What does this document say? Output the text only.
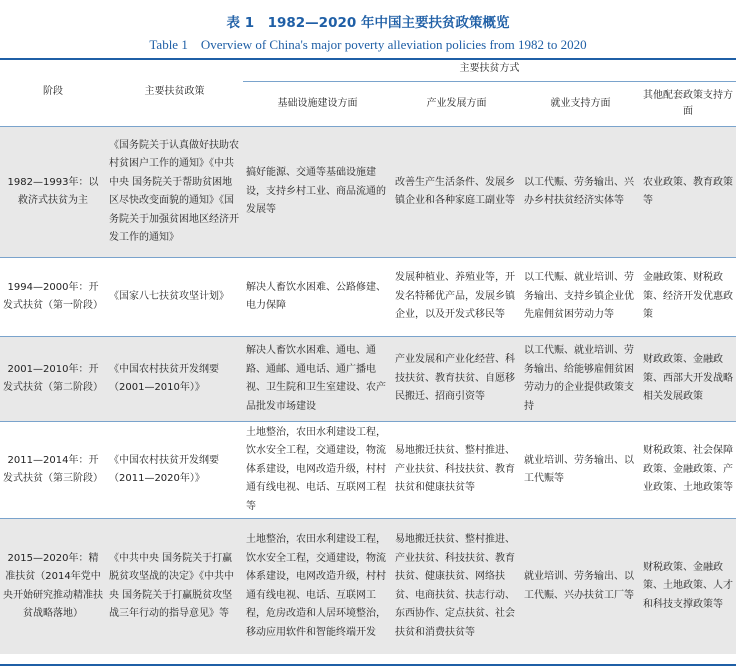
表 1　1982—2020 年中国主要扶贫政策概览
Table 1　Overview of China's major poverty alleviation policies from 1982 to 2020
阶段	主要扶贫政策	主要扶贫方式			
		基础设施建设方面	产业发展方面	就业支持方面	其他配套政策支持方面
1982—1993年：以救济式扶贫为主	《国务院关于认真做好扶助农村贫困户工作的通知》《中共中央 国务院关于帮助贫困地区尽快改变面貌的通知》《国务院关于加强贫困地区经济开发工作的通知》	搞好能源、交通等基础设施建设，支持乡村工业、商品流通的发展等	改善生产生活条件、发展乡镇企业和各种家庭工副业等	以工代赈、劳务输出、兴办乡村扶贫经济实体等	农业政策、教育政策等
1994—2000年：开发式扶贫（第一阶段）	《国家八七扶贫攻坚计划》	解决人畜饮水困难、公路修建、电力保障	发展种植业、养殖业等，开发名特稀优产品，发展乡镇企业，以及开发式移民等	以工代赈、就业培训、劳务输出、支持乡镇企业优先雇佣贫困劳动力等	金融政策、财税政策、经济开发优惠政策
2001—2010年：开发式扶贫（第二阶段）	《中国农村扶贫开发纲要（2001—2010年）》	解决人畜饮水困难、通电、通路、通邮、通电话、通广播电视、卫生院和卫生室建设、农产品批发市场建设	产业发展和产业化经营、科技扶贫、教育扶贫、自愿移民搬迁、招商引资等	以工代赈、就业培训、劳务输出、给能够雇佣贫困劳动力的企业提供政策支持	财政政策、金融政策、西部大开发战略相关发展政策
2011—2014年：开发式扶贫（第三阶段）	《中国农村扶贫开发纲要（2011—2020年）》	土地整治，农田水利建设工程，饮水安全工程，交通建设，物流体系建设，电网改造升级，村村通有线电视、电话、互联网工程等	易地搬迁扶贫、整村推进、产业扶贫、科技扶贫、教育扶贫和健康扶贫等	就业培训、劳务输出、以工代赈等	财税政策、社会保障政策、金融政策、产业政策、土地政策等
2015—2020年：精准扶贫（2014年党中央开始研究推动精准扶贫战略落地）	《中共中央 国务院关于打赢脱贫攻坚战的决定》《中共中央 国务院关于打赢脱贫攻坚战三年行动的指导意见》等	土地整治，农田水利建设工程，饮水安全工程，交通建设，物流体系建设，电网改造升级，村村通有线电视、电话、互联网工程，危房改造和人居环境整治，移动应用软件和智能终端开发	易地搬迁扶贫、整村推进、产业扶贫、科技扶贫、教育扶贫、健康扶贫、网络扶贫、电商扶贫、扶志行动、东西协作、定点扶贫、社会扶贫和消费扶贫等	就业培训、劳务输出、以工代赈、兴办扶贫工厂等	财税政策、金融政策、土地政策、人才和科技支撑政策等
